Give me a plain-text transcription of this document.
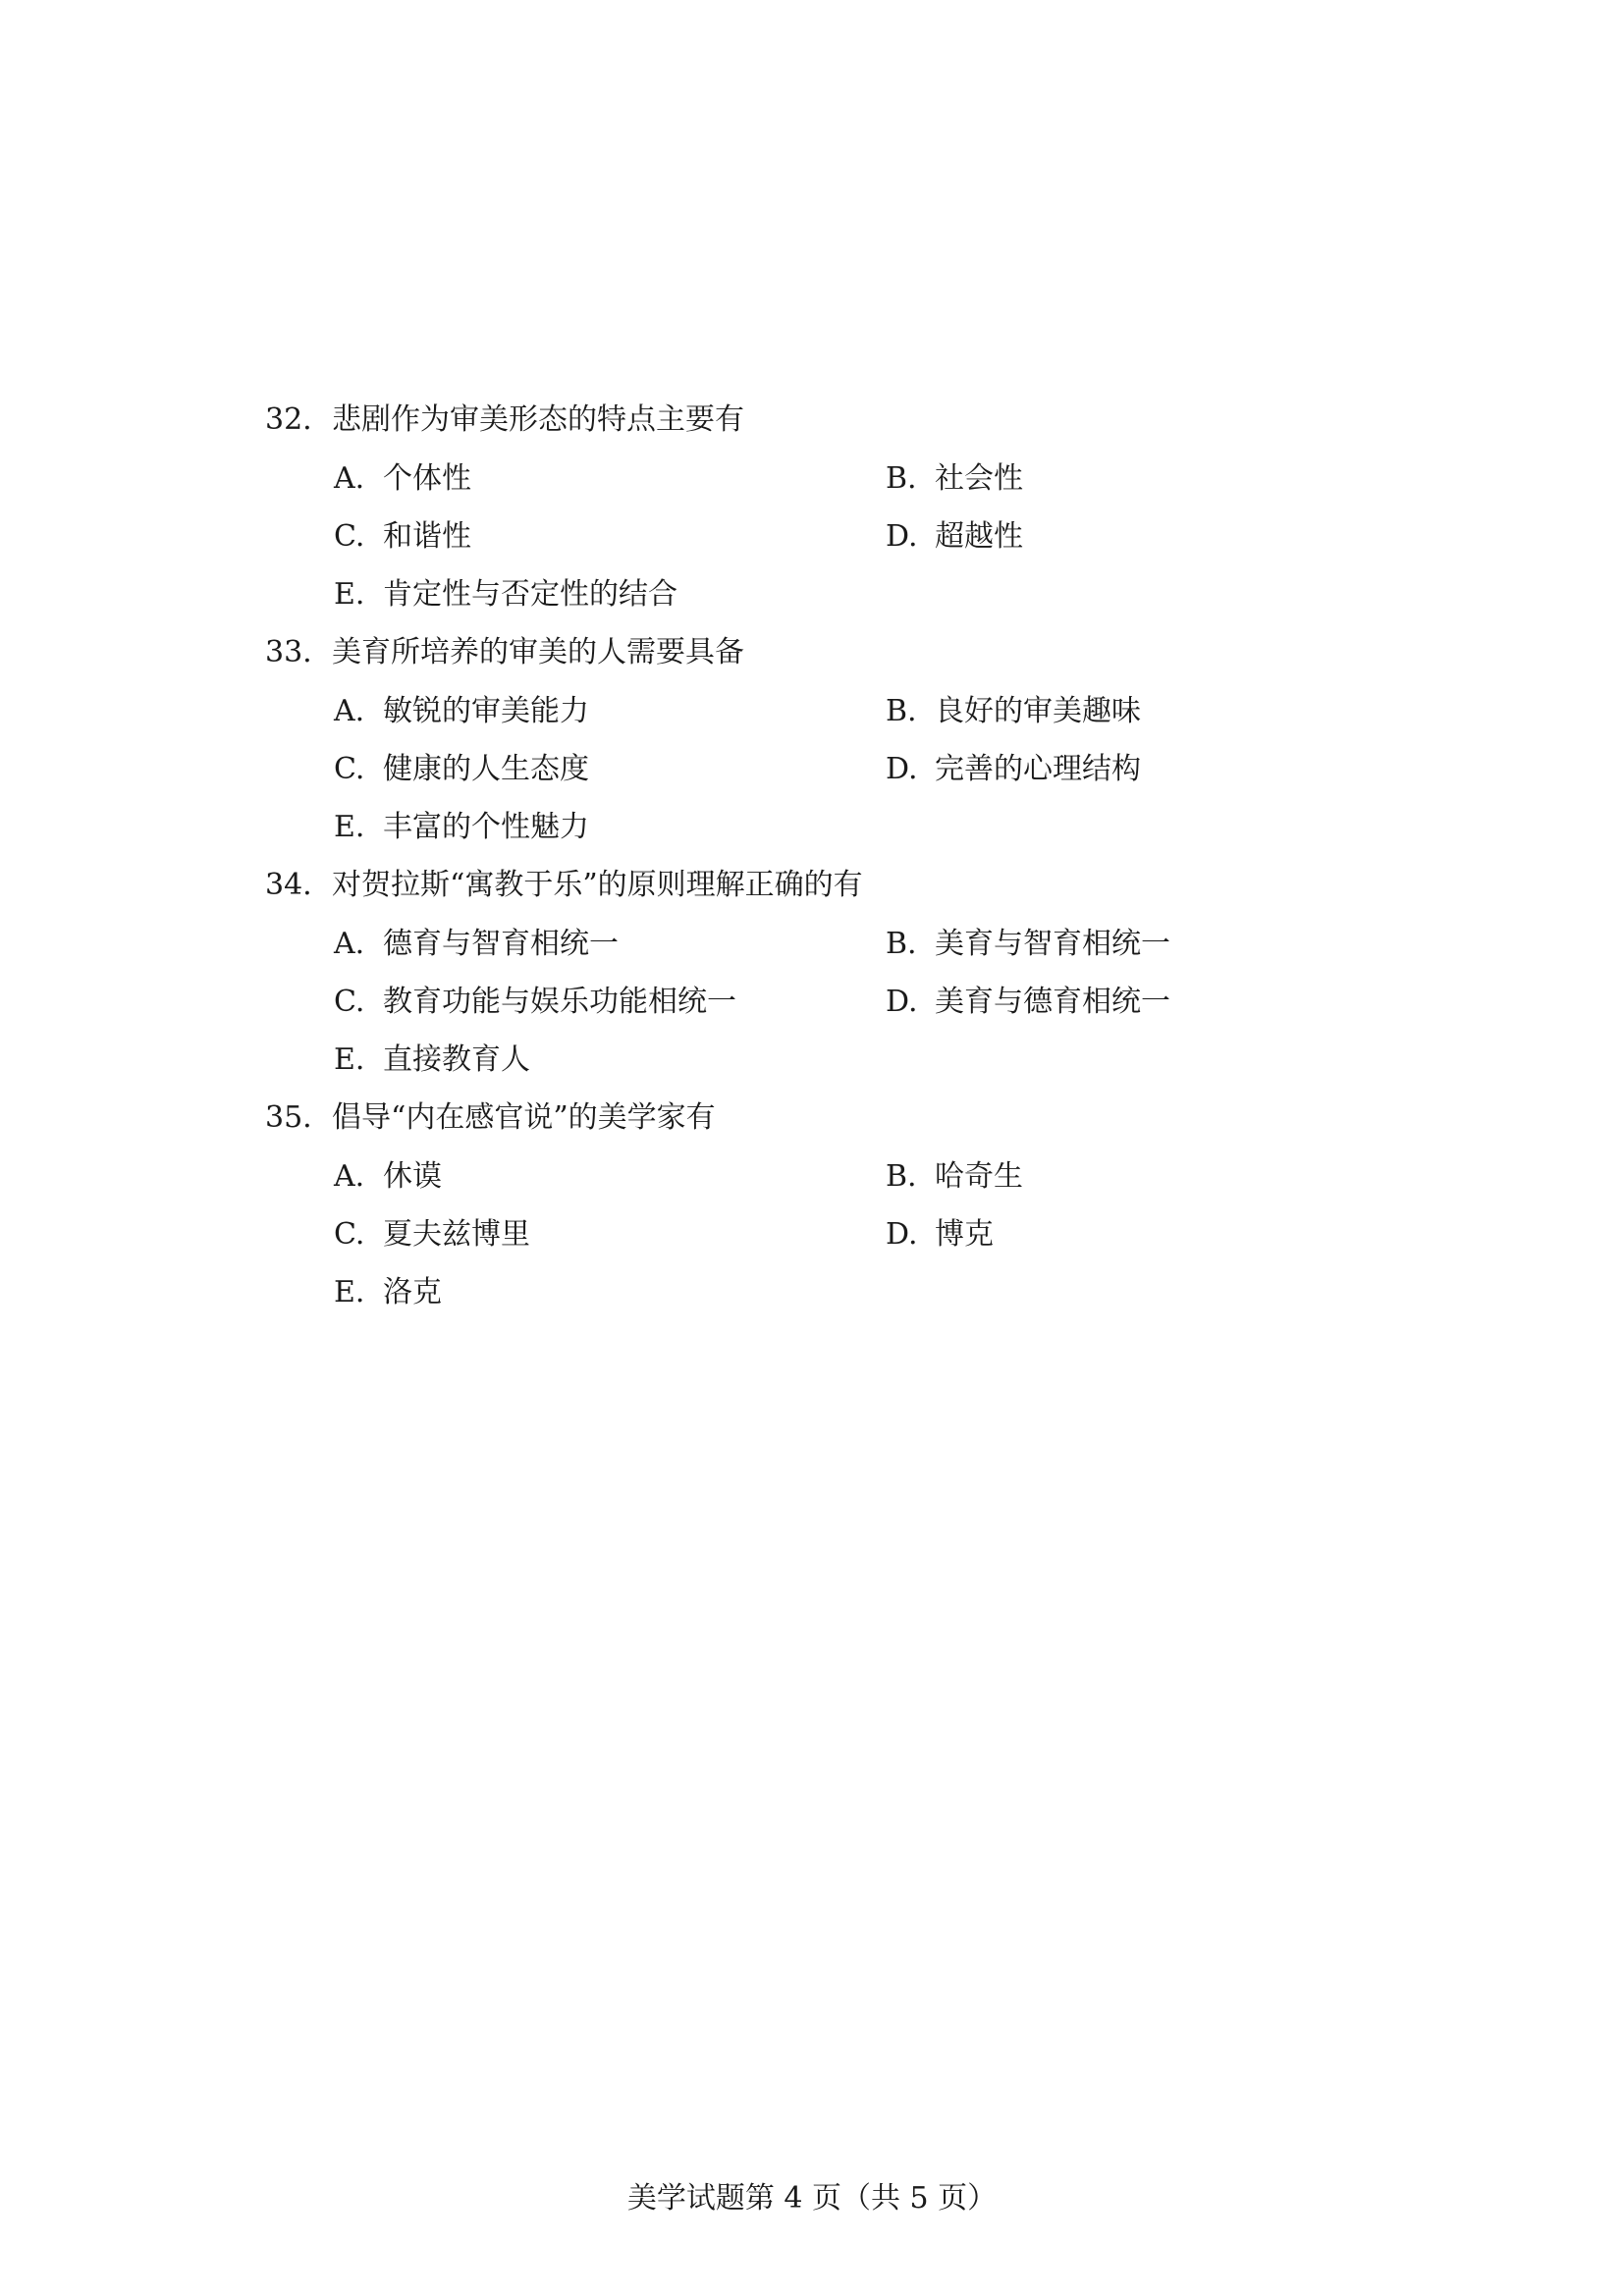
32. 悲剧作为审美形态的特点主要有
A. 个体性	B. 社会性
C. 和谐性	D. 超越性
E. 肯定性与否定性的结合
33. 美育所培养的审美的人需要具备
A. 敏锐的审美能力	B. 良好的审美趣味
C. 健康的人生态度	D. 完善的心理结构
E. 丰富的个性魅力
34. 对贺拉斯“寓教于乐”的原则理解正确的有
A. 德育与智育相统一	B. 美育与智育相统一
C. 教育功能与娱乐功能相统一	D. 美育与德育相统一
E. 直接教育人
35. 倡导“内在感官说”的美学家有
A. 休谟	B. 哈奇生
C. 夏夫兹博里	D. 博克
E. 洛克
美学试题第 4 页（共 5 页）
